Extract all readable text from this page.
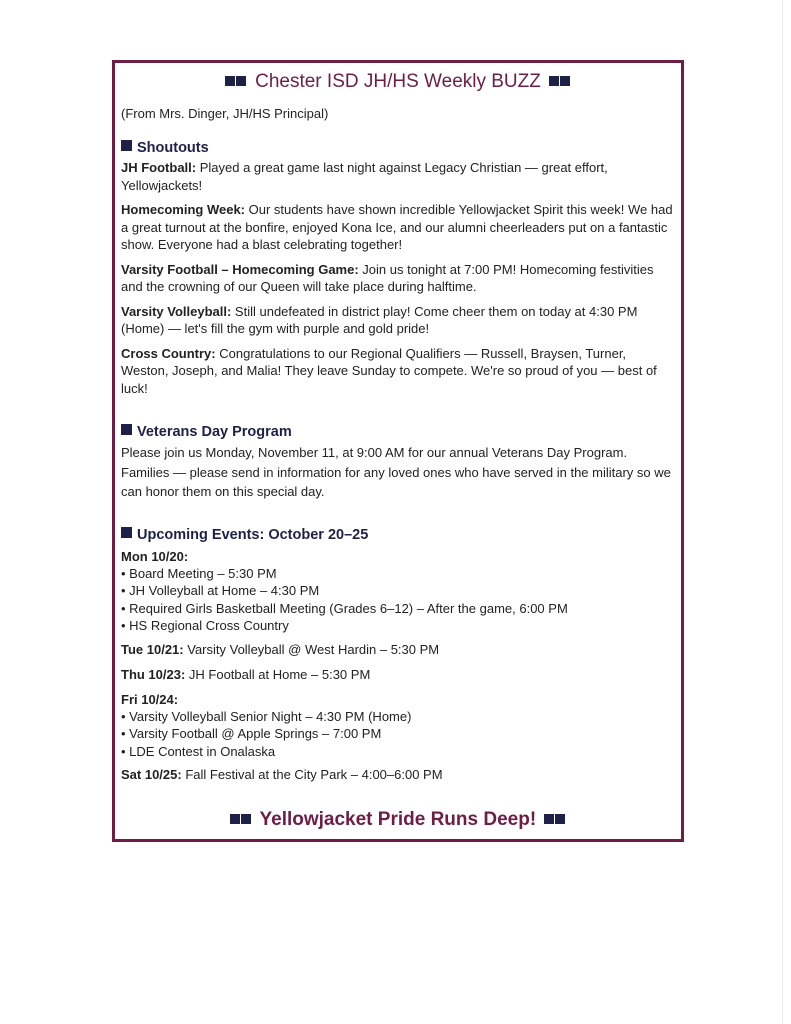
Chester ISD JH/HS Weekly BUZZ
(From Mrs. Dinger, JH/HS Principal)
Shoutouts
JH Football: Played a great game last night against Legacy Christian — great effort, Yellowjackets!
Homecoming Week: Our students have shown incredible Yellowjacket Spirit this week! We had a great turnout at the bonfire, enjoyed Kona Ice, and our alumni cheerleaders put on a fantastic show. Everyone had a blast celebrating together!
Varsity Football – Homecoming Game: Join us tonight at 7:00 PM! Homecoming festivities and the crowning of our Queen will take place during halftime.
Varsity Volleyball: Still undefeated in district play! Come cheer them on today at 4:30 PM (Home) — let's fill the gym with purple and gold pride!
Cross Country: Congratulations to our Regional Qualifiers — Russell, Braysen, Turner, Weston, Joseph, and Malia! They leave Sunday to compete. We're so proud of you — best of luck!
Veterans Day Program

Please join us Monday, November 11, at 9:00 AM for our annual Veterans Day Program. Families — please send in information for any loved ones who have served in the military so we can honor them on this special day.

Upcoming Events: October 20–25
Mon 10/20:
• Board Meeting – 5:30 PM
• JH Volleyball at Home – 4:30 PM
• Required Girls Basketball Meeting (Grades 6–12) – After the game, 6:00 PM
• HS Regional Cross Country
Tue 10/21: Varsity Volleyball @ West Hardin – 5:30 PM
Thu 10/23: JH Football at Home – 5:30 PM
Fri 10/24:
• Varsity Volleyball Senior Night – 4:30 PM (Home)
• Varsity Football @ Apple Springs – 7:00 PM
• LDE Contest in Onalaska
Sat 10/25: Fall Festival at the City Park – 4:00–6:00 PM
Yellowjacket Pride Runs Deep!
